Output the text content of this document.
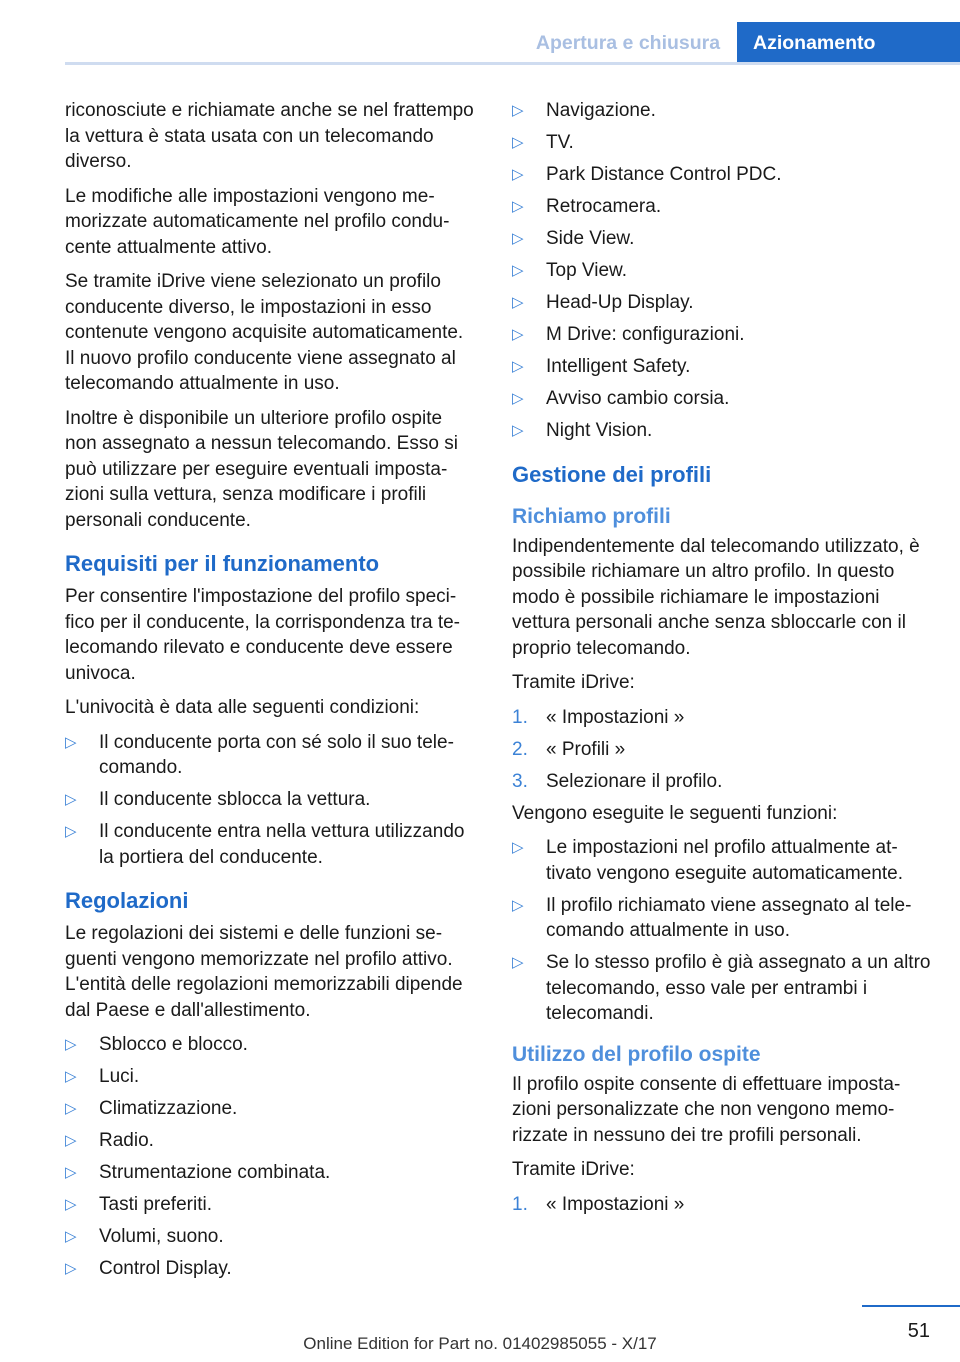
Apertura e chiusura	Azionamento

riconosciute e richiamate anche se nel frattempo la vettura è stata usata con un telecomando diverso.

Le modifiche alle impostazioni vengono memorizzate automaticamente nel profilo conducente attualmente attivo.

Se tramite iDrive viene selezionato un profilo conducente diverso, le impostazioni in esso contenute vengono acquisite automaticamente. Il nuovo profilo conducente viene assegnato al telecomando attualmente in uso.

Inoltre è disponibile un ulteriore profilo ospite non assegnato a nessun telecomando. Esso si può utilizzare per eseguire eventuali impostazioni sulla vettura, senza modificare i profili personali conducente.

Requisiti per il funzionamento

Per consentire l'impostazione del profilo specifico per il conducente, la corrispondenza tra telecomando rilevato e conducente deve essere univoca.

L'univocità è data alle seguenti condizioni:

▷ Il conducente porta con sé solo il suo telecomando.
▷ Il conducente sblocca la vettura.
▷ Il conducente entra nella vettura utilizzando la portiera del conducente.
Regolazioni

Le regolazioni dei sistemi e delle funzioni seguenti vengono memorizzate nel profilo attivo. L'entità delle regolazioni memorizzabili dipende dal Paese e dall'allestimento.

▷ Sblocco e blocco.
▷ Luci.
▷ Climatizzazione.
▷ Radio.
▷ Strumentazione combinata.
▷ Tasti preferiti.
▷ Volumi, suono.
▷ Control Display.
▷ Navigazione.
▷ TV.
▷ Park Distance Control PDC.
▷ Retrocamera.
▷ Side View.
▷ Top View.
▷ Head-Up Display.
▷ M Drive: configurazioni.
▷ Intelligent Safety.
▷ Avviso cambio corsia.
▷ Night Vision.
Gestione dei profili
Richiamo profili

Indipendentemente dal telecomando utilizzato, è possibile richiamare un altro profilo. In questo modo è possibile richiamare le impostazioni vettura personali anche senza sbloccarle con il proprio telecomando.

Tramite iDrive:

1. « Impostazioni »
2. « Profili »
3. Selezionare il profilo.

Vengono eseguite le seguenti funzioni:

▷ Le impostazioni nel profilo attualmente attivato vengono eseguite automaticamente.
▷ Il profilo richiamato viene assegnato al telecomando attualmente in uso.
▷ Se lo stesso profilo è già assegnato a un altro telecomando, esso vale per entrambi i telecomandi.
Utilizzo del profilo ospite

Il profilo ospite consente di effettuare impostazioni personalizzate che non vengono memorizzate in nessuno dei tre profili personali.

Tramite iDrive:

1. « Impostazioni »
51
Online Edition for Part no. 01402985055 - X/17
